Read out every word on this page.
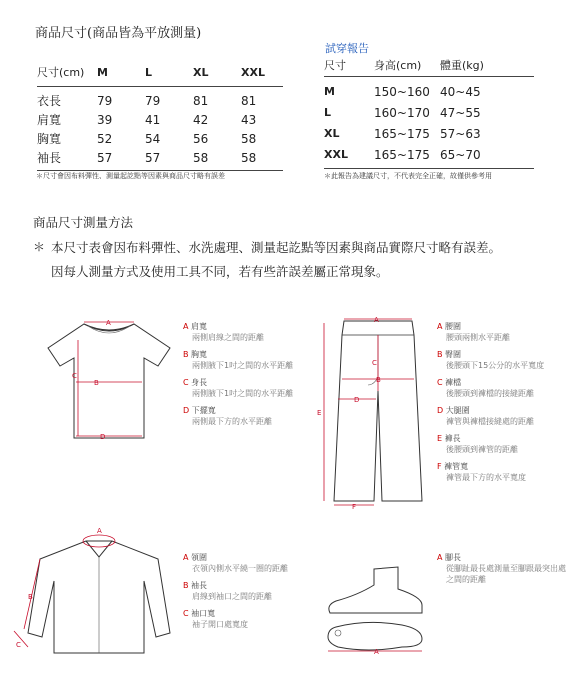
商品尺寸(商品皆為平放測量)
尺寸(cm)	M	L	XL	XXL
衣長	79	79	81	81
肩寬	39	41	42	43
胸寬	52	54	56	58
袖長	57	57	58	58
＊尺寸會因布料彈性、測量起訖點等因素與商品尺寸略有誤差
試穿報告
尺寸	身高(cm)	體重(kg)
M	150~160	40~45
L	160~170	47~55
XL	165~175	57~63
XXL	165~175	65~70
＊此報告為建議尺寸，不代表完全正確，故僅供參考用
商品尺寸測量方法
＊ 本尺寸表會因布料彈性、水洗處理、測量起訖點等因素與商品實際尺寸略有誤差。
因每人測量方式及使用工具不同，若有些許誤差屬正常現象。
A
B
C
D
A 肩寬
兩側肩線之間的距離
B 胸寬
兩側腋下1吋之間的水平距離
C 身長
兩側腋下1吋之間的水平距離
D 下擺寬
兩側最下方的水平距離
A
B
C
D
E
F
A 腰圍
腰頭兩側水平距離
B 臀圍
後腰頭下15公分的水平寬度
C 褲檔
後腰頭到褲檔的接縫距離
D 大腿圍
褲管與褲檔接縫處的距離
E 褲長
後腰頭到褲管的距離
F 褲管寬
褲管最下方的水平寬度
A
B
C
A 領圍
衣領內側水平繞一圈的距離
B 袖長
肩線到袖口之間的距離
C 袖口寬
袖子開口處寬度
A
A 腳長
從腳趾最長處測量至腳跟最突出處之間的距離
